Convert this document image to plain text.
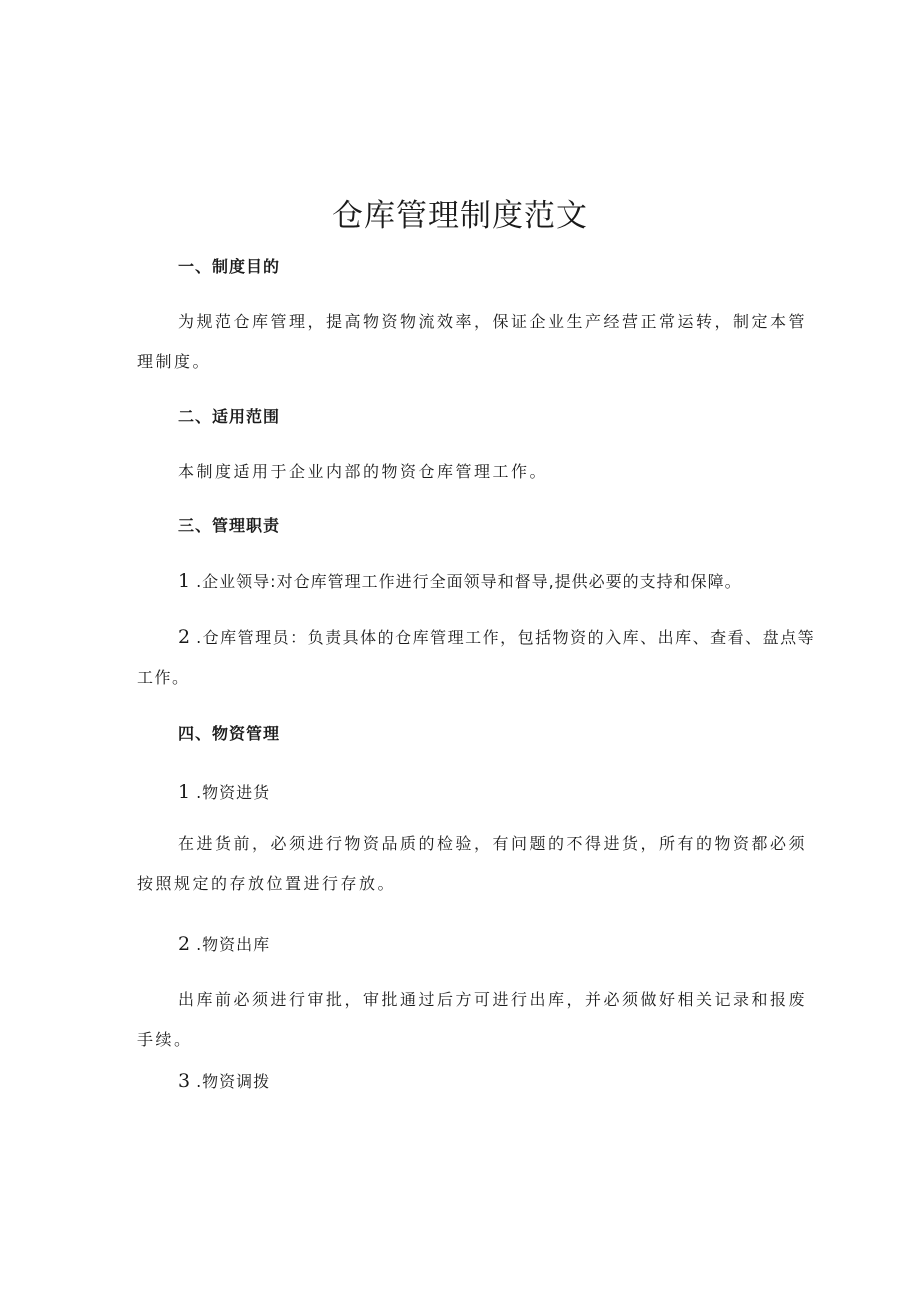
仓库管理制度范文
一、制度目的

为规范仓库管理，提高物资物流效率，保证企业生产经营正常运转，制定本管理制度。

二、适用范围

本制度适用于企业内部的物资仓库管理工作。

三、管理职责

1 .企业领导:对仓库管理工作进行全面领导和督导,提供必要的支持和保障。

2 .仓库管理员：负责具体的仓库管理工作，包括物资的入库、出库、查看、盘点等工作。

四、物资管理

1 .物资进货

在进货前，必须进行物资品质的检验，有问题的不得进货，所有的物资都必须按照规定的存放位置进行存放。

2 .物资出库

出库前必须进行审批，审批通过后方可进行出库，并必须做好相关记录和报废手续。

3 .物资调拨
